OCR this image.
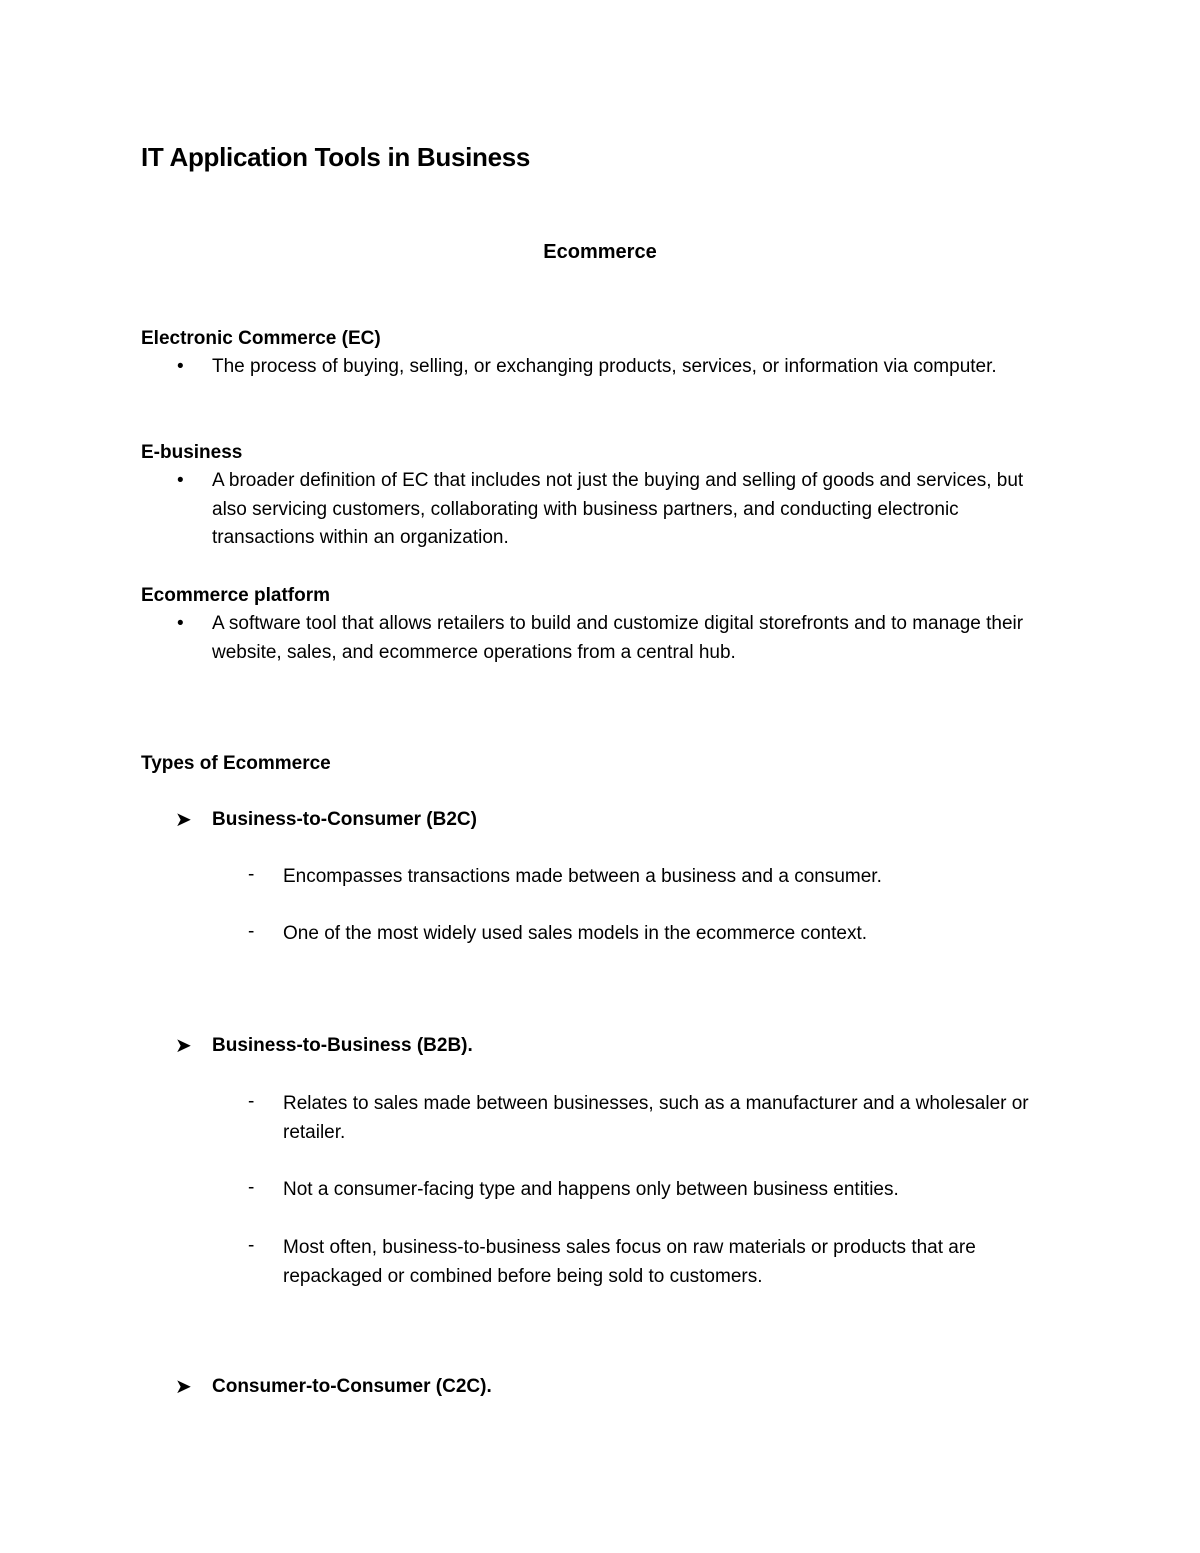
IT Application Tools in Business
Ecommerce
Electronic Commerce (EC)
• The process of buying, selling, or exchanging products, services, or information via computer.
E-business
• A broader definition of EC that includes not just the buying and selling of goods and services, but also servicing customers, collaborating with business partners, and conducting electronic transactions within an organization.
Ecommerce platform
• A software tool that allows retailers to build and customize digital storefronts and to manage their website, sales, and ecommerce operations from a central hub.
Types of Ecommerce
➤ Business-to-Consumer (B2C)
- Encompasses transactions made between a business and a consumer.
- One of the most widely used sales models in the ecommerce context.
➤ Business-to-Business (B2B).
- Relates to sales made between businesses, such as a manufacturer and a wholesaler or retailer.
- Not a consumer-facing type and happens only between business entities.
- Most often, business-to-business sales focus on raw materials or products that are repackaged or combined before being sold to customers.
➤ Consumer-to-Consumer (C2C).
